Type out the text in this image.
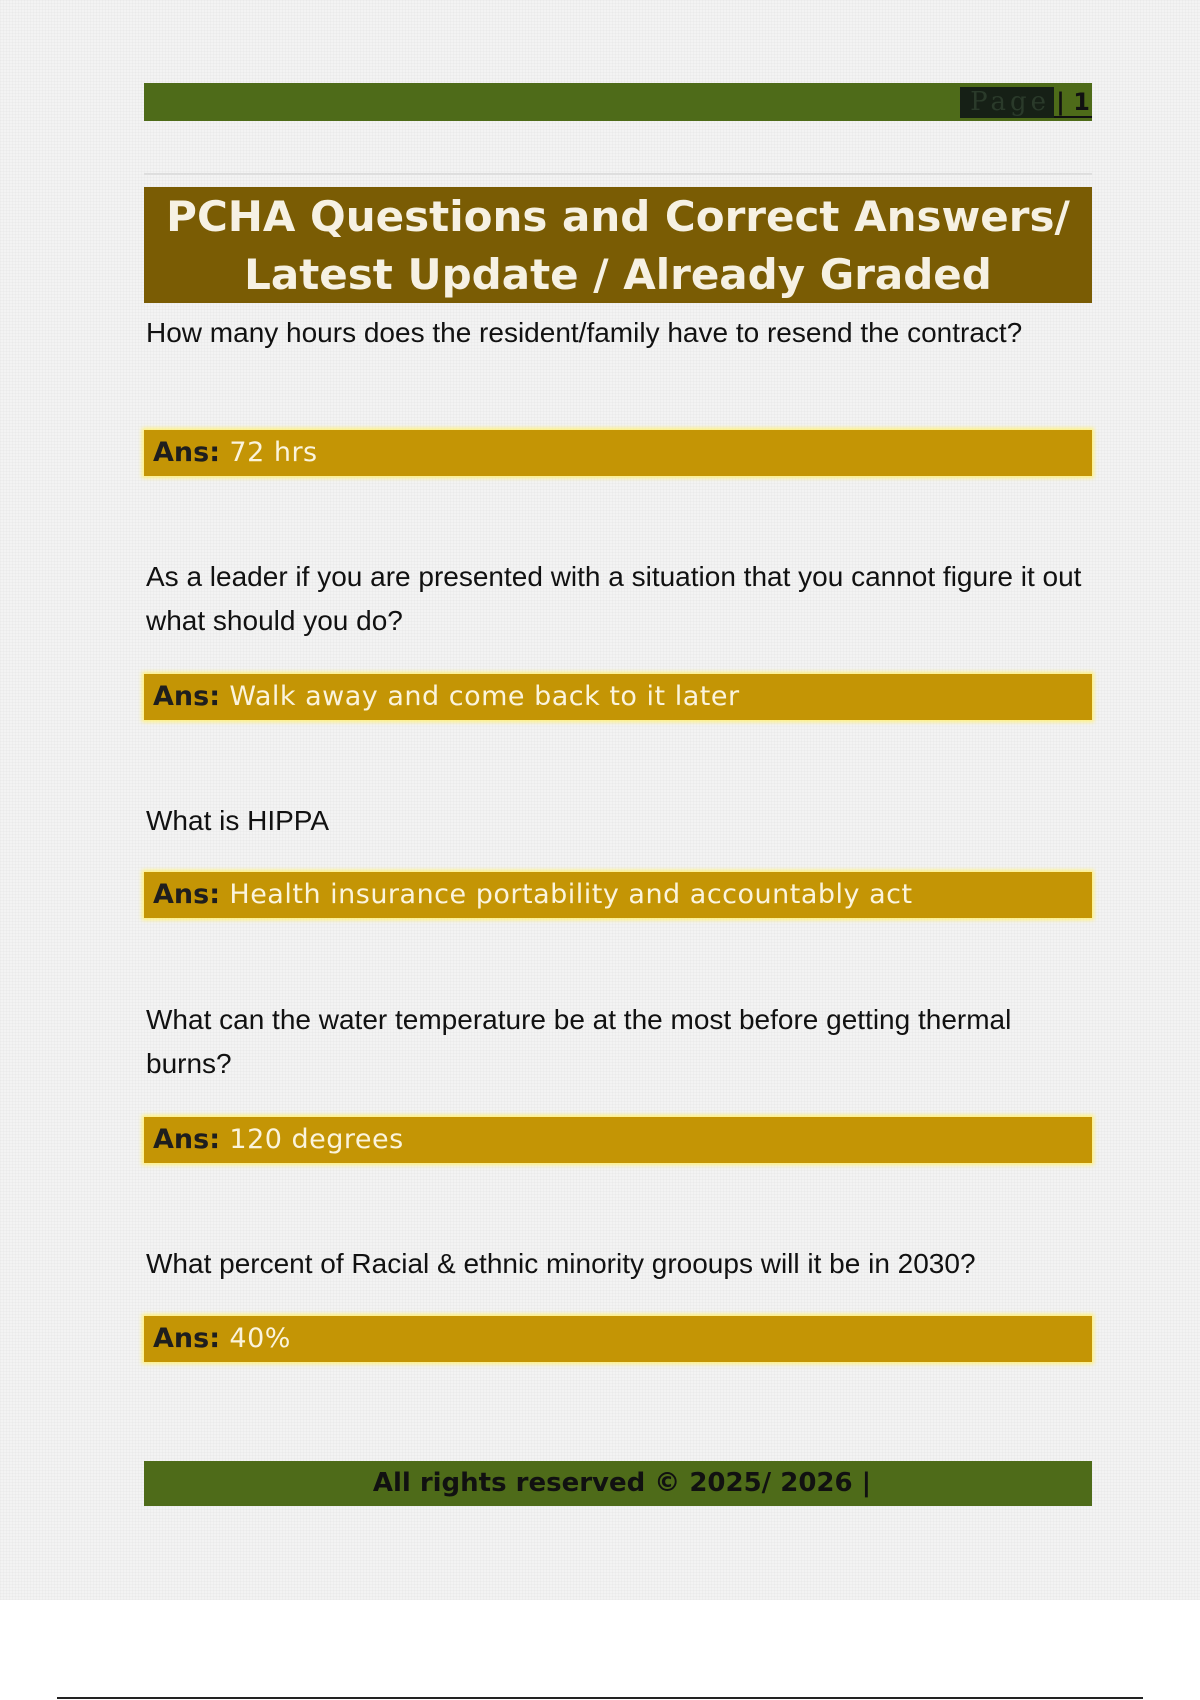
Page | 1
PCHA Questions and Correct Answers/
Latest Update / Already Graded
How many hours does the resident/family have to resend the contract?
Ans: 72 hrs
As a leader if you are presented with a situation that you cannot figure it out what should you do?
Ans: Walk away and come back to it later
What is HIPPA
Ans: Health insurance portability and accountably act
What can the water temperature be at the most before getting thermal burns?
Ans: 120 degrees
What percent of Racial & ethnic minority grooups will it be in 2030?
Ans: 40%
All rights reserved © 2025/ 2026 |
